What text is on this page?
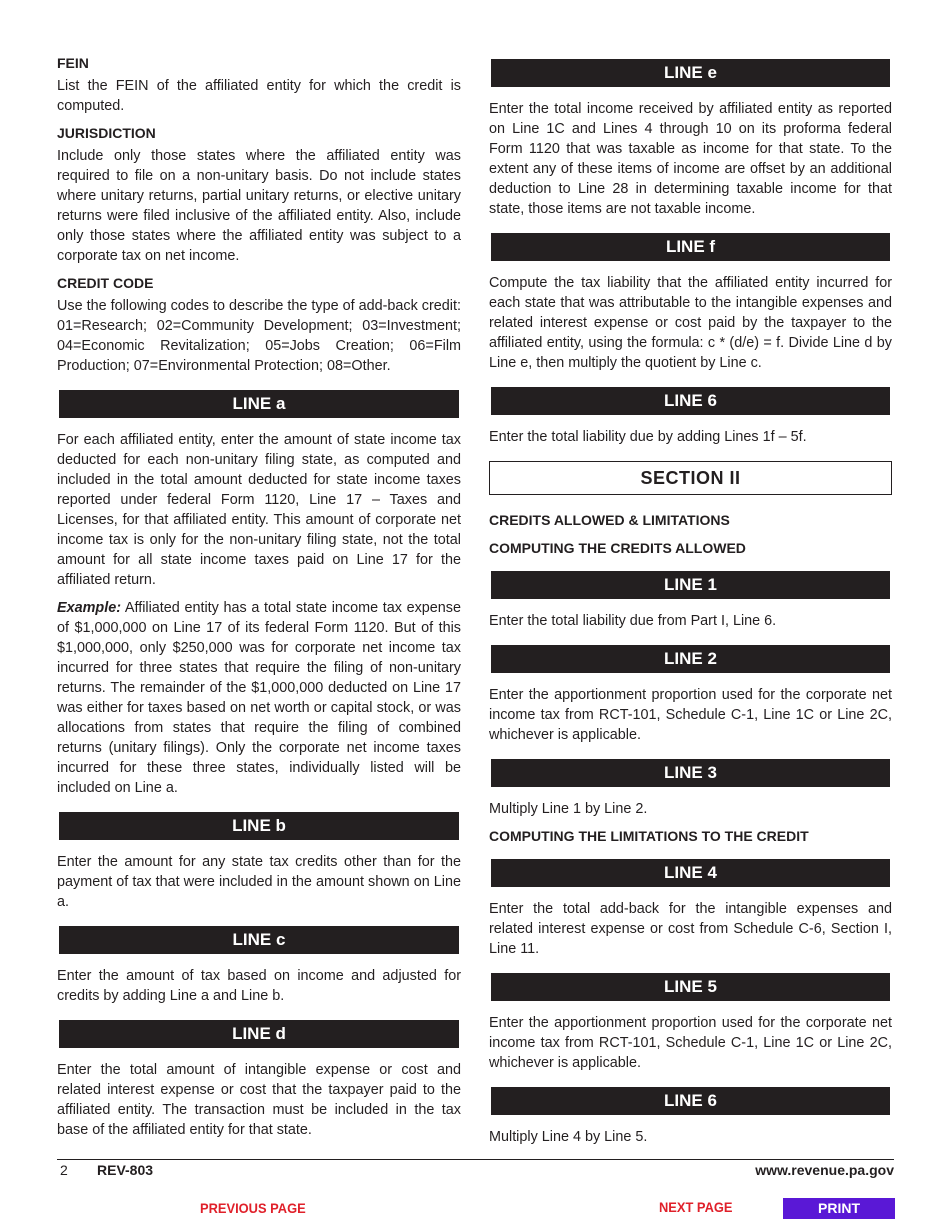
FEIN

List the FEIN of the affiliated entity for which the credit is computed.

JURISDICTION

Include only those states where the affiliated entity was required to file on a non-unitary basis. Do not include states where unitary returns, partial unitary returns, or elective unitary returns were filed inclusive of the affiliated entity. Also, include only those states where the affiliated entity was subject to a corporate tax on net income.

CREDIT CODE

Use the following codes to describe the type of add-back credit: 01=Research; 02=Community Development; 03=Investment; 04=Economic Revitalization; 05=Jobs Creation; 06=Film Production; 07=Environmental Protection; 08=Other.

LINE a

For each affiliated entity, enter the amount of state income tax deducted for each non-unitary filing state, as computed and included in the total amount deducted for state income taxes reported under federal Form 1120, Line 17 – Taxes and Licenses, for that affiliated entity. This amount of corporate net income tax is only for the non-unitary filing state, not the total amount for all state income taxes paid on Line 17 for the affiliated return.

Example: Affiliated entity has a total state income tax expense of $1,000,000 on Line 17 of its federal Form 1120. But of this $1,000,000, only $250,000 was for corporate net income tax incurred for three states that require the filing of non-unitary returns. The remainder of the $1,000,000 deducted on Line 17 was either for taxes based on net worth or capital stock, or was allocations from states that require the filing of combined returns (unitary filings). Only the corporate net income taxes incurred for these three states, individually listed will be included on Line a.

LINE b

Enter the amount for any state tax credits other than for the payment of tax that were included in the amount shown on Line a.

LINE c

Enter the amount of tax based on income and adjusted for credits by adding Line a and Line b.

LINE d

Enter the total amount of intangible expense or cost and related interest expense or cost that the taxpayer paid to the affiliated entity. The transaction must be included in the tax base of the affiliated entity for that state.

LINE e

Enter the total income received by affiliated entity as reported on Line 1C and Lines 4 through 10 on its proforma federal Form 1120 that was taxable as income for that state. To the extent any of these items of income are offset by an additional deduction to Line 28 in determining taxable income for that state, those items are not taxable income.

LINE f

Compute the tax liability that the affiliated entity incurred for each state that was attributable to the intangible expenses and related interest expense or cost paid by the taxpayer to the affiliated entity, using the formula: c * (d/e) = f. Divide Line d by Line e, then multiply the quotient by Line c.

LINE 6

Enter the total liability due by adding Lines 1f – 5f.

SECTION II
CREDITS ALLOWED & LIMITATIONS
COMPUTING THE CREDITS ALLOWED
LINE 1

Enter the total liability due from Part I, Line 6.

LINE 2

Enter the apportionment proportion used for the corporate net income tax from RCT-101, Schedule C-1, Line 1C or Line 2C, whichever is applicable.

LINE 3

Multiply Line 1 by Line 2.

COMPUTING THE LIMITATIONS TO THE CREDIT
LINE 4

Enter the total add-back for the intangible expenses and related interest expense or cost from Schedule C-6, Section I, Line 11.

LINE 5

Enter the apportionment proportion used for the corporate net income tax from RCT-101, Schedule C-1, Line 1C or Line 2C, whichever is applicable.

LINE 6

Multiply Line 4 by Line 5.

2 REV-803	www.revenue.pa.gov
PREVIOUS PAGE	NEXT PAGE	PRINT
